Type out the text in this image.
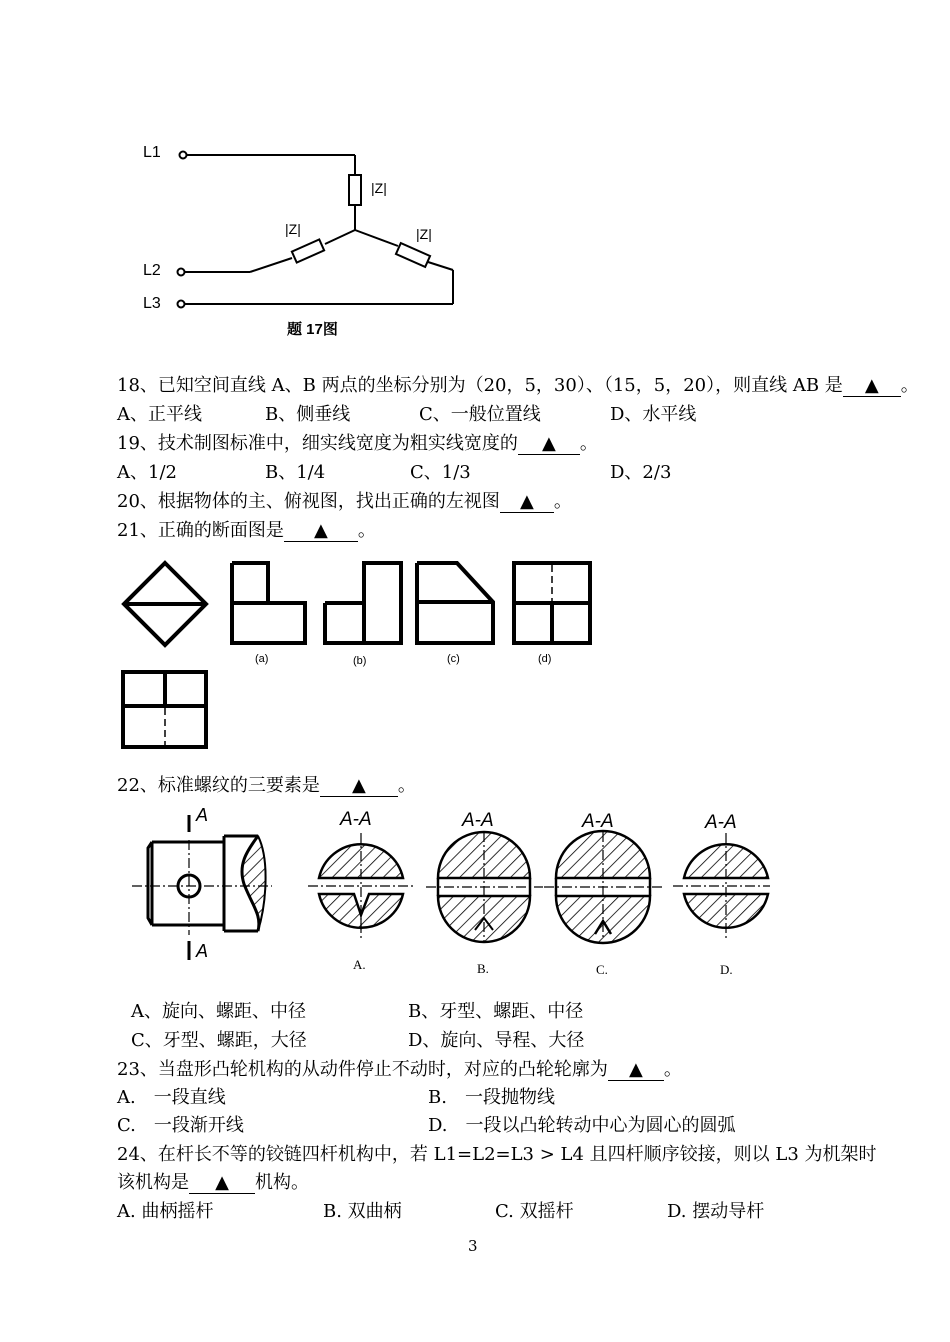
L1
L2
L3
|Z|
|Z|	|Z|
题 17图
18、已知空间直线 A、B 两点的坐标分别为（20，5，30）、（15，5，20），则直线 AB 是 ▲ 。
A、正平线	B、侧垂线	C、一般位置线	D、水平线
19、技术制图标准中，细实线宽度为粗实线宽度的 ▲ 。
A、1/2	B、1/4	C、1/3	D、2/3
20、根据物体的主、俯视图，找出正确的左视图 ▲ 。
21、正确的断面图是 ▲ 。
(a)	(b)	(c)	(d)
22、标准螺纹的三要素是 ▲ 。
A
A
A-A	A-A	A-A	A-A
A.	B.	C.	D.
A、旋向、螺距、中径	B、牙型、螺距、中径
C、牙型、螺距，大径	D、旋向、导程、大径
23、当盘形凸轮机构的从动件停止不动时，对应的凸轮轮廓为 ▲ 。
A.　一段直线	B.　一段抛物线
C.　一段渐开线	D.　一段以凸轮转动中心为圆心的圆弧
24、在杆长不等的铰链四杆机构中，若 L1=L2=L3 > L4 且四杆顺序铰接，则以 L3 为机架时
该机构是 ▲ 机构。
A. 曲柄摇杆	B. 双曲柄	C. 双摇杆	D. 摆动导杆
3
